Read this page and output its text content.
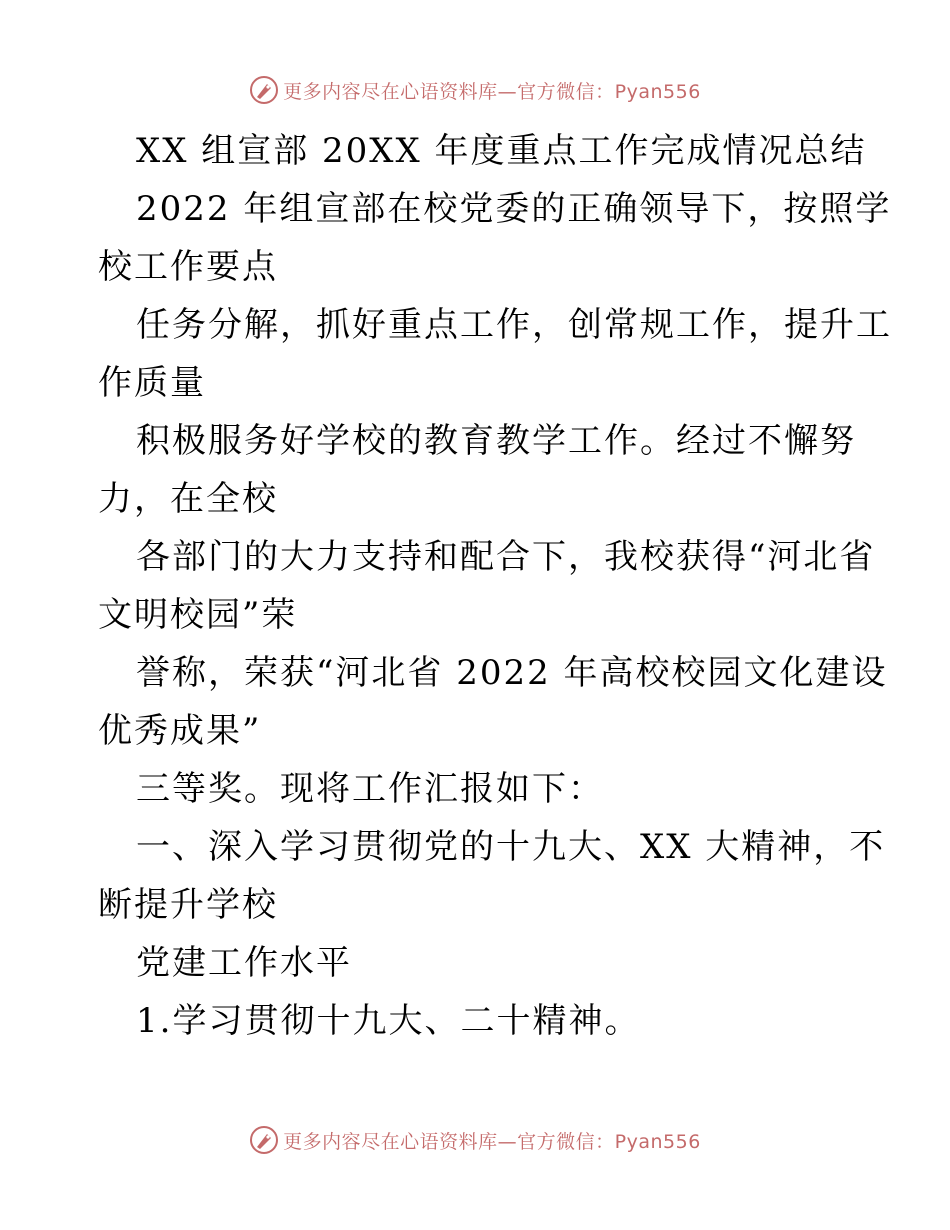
更多内容尽在心语资料库—官方微信：Pyan556
XX 组宣部 20XX 年度重点工作完成情况总结
2022 年组宣部在校党委的正确领导下，按照学
校工作要点
任务分解，抓好重点工作，创常规工作，提升工
作质量
积极服务好学校的教育教学工作。经过不懈努
力，在全校
各部门的大力支持和配合下，我校获得“河北省
文明校园”荣
誉称，荣获“河北省 2022 年高校校园文化建设
优秀成果”
三等奖。现将工作汇报如下：
一、深入学习贯彻党的十九大、XX 大精神，不
断提升学校
党建工作水平
1.学习贯彻十九大、二十精神。
更多内容尽在心语资料库—官方微信：Pyan556
